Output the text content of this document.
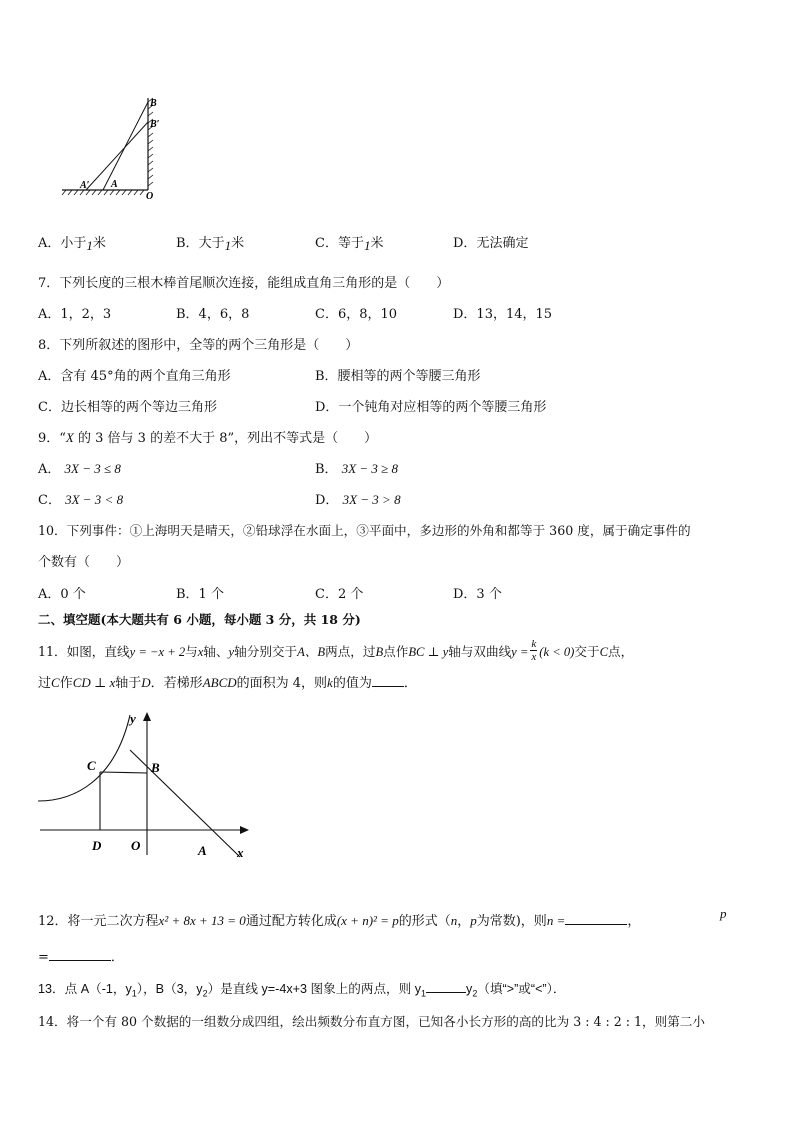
B
B′
A′ A
O
A．小于1米	B．大于1米	C．等于1米	D．无法确定
7．下列长度的三根木棒首尾顺次连接，能组成直角三角形的是（　　）
A．1，2，3	B．4，6，8	C．6，8，10	D．13，14，15
8．下列所叙述的图形中，全等的两个三角形是（　　）
A．含有 45°角的两个直角三角形	B．腰相等的两个等腰三角形
C．边长相等的两个等边三角形	D．一个钝角对应相等的两个等腰三角形
9．“X 的 3 倍与 3 的差不大于 8”，列出不等式是（　　）
A． 3X − 3 ≤ 8	B． 3X − 3 ≥ 8
C． 3X − 3 < 8	D． 3X − 3 > 8
10．下列事件：①上海明天是晴天，②铅球浮在水面上，③平面中，多边形的外角和都等于 360 度，属于确定事件的
个数有（　　）
A．0 个	B．1 个	C．2 个	D．3 个
二、填空题(本大题共有 6 小题，每小题 3 分，共 18 分)
11．如图，直线y = −x + 2与x轴、y轴分别交于A、B两点，过B点作BC ⊥ y轴与双曲线$y = \frac{k}{x} (k < 0)$交于C点，
过C作CD ⊥ x轴于D．若梯形ABCD的面积为 4，则k的值为 ．
y
x
C	B
D O	A
12．将一元二次方程x² + 8x + 13 = 0通过配方转化成(x + n)² = p的形式（n，p为常数)，则n =	，
p
=	．
13．点 A（-1，$y_1$），B（3，$y_2$）是直线 y=-4x+3 图象上的两点，则 $y_1$	$y_2$（填“>”或“<”）．
14．将一个有 80 个数据的一组数分成四组，绘出频数分布直方图，已知各小长方形的高的比为 3 : 4 : 2 : 1，则第二小
